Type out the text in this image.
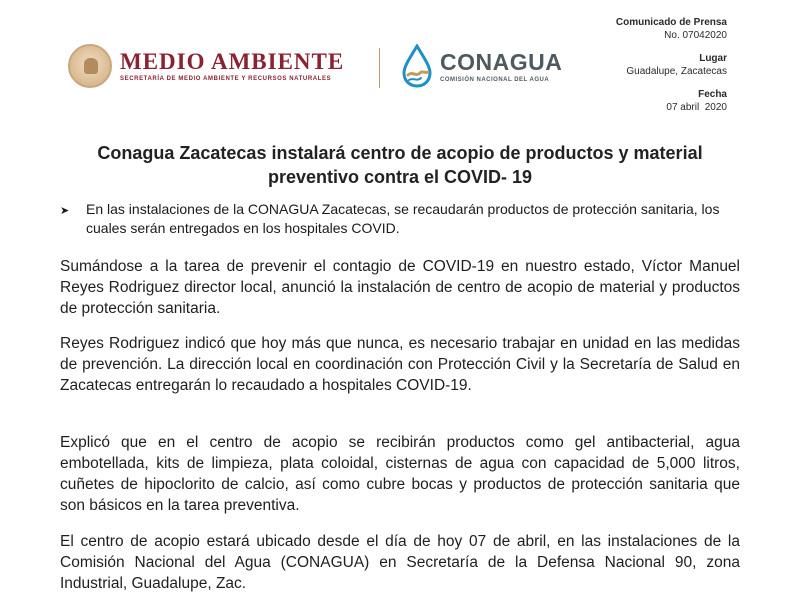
MEDIO AMBIENTE
SECRETARÍA DE MEDIO AMBIENTE Y RECURSOS NATURALES
CONAGUA
COMISIÓN NACIONAL DEL AGUA
Comunicado de Prensa
No. 07042020
Lugar
Guadalupe, Zacatecas
Fecha
07 abril  2020
Conagua Zacatecas instalará centro de acopio de productos y material preventivo contra el COVID- 19
➤	En las instalaciones de la CONAGUA Zacatecas, se recaudarán productos de protección sanitaria, los cuales serán entregados en los hospitales COVID.
Sumándose a la tarea de prevenir el contagio de COVID-19 en nuestro estado, Víctor Manuel Reyes Rodriguez director local, anunció la instalación de centro de acopio de material y productos de protección sanitaria.
Reyes Rodriguez indicó que hoy más que nunca, es necesario trabajar en unidad en las medidas de prevención. La dirección local en coordinación con Protección Civil y la Secretaría de Salud en Zacatecas entregarán lo recaudado a hospitales COVID-19.
Explicó que en el centro de acopio se recibirán productos como gel antibacterial, agua embotellada, kits de limpieza, plata coloidal, cisternas de agua con capacidad de 5,000 litros, cuñetes de hipoclorito de calcio, así como cubre bocas y productos de protección sanitaria que son básicos en la tarea preventiva.
El centro de acopio estará ubicado desde el día de hoy 07 de abril, en las instalaciones de la Comisión Nacional del Agua (CONAGUA) en Secretaría de la Defensa Nacional 90, zona Industrial, Guadalupe, Zac.
